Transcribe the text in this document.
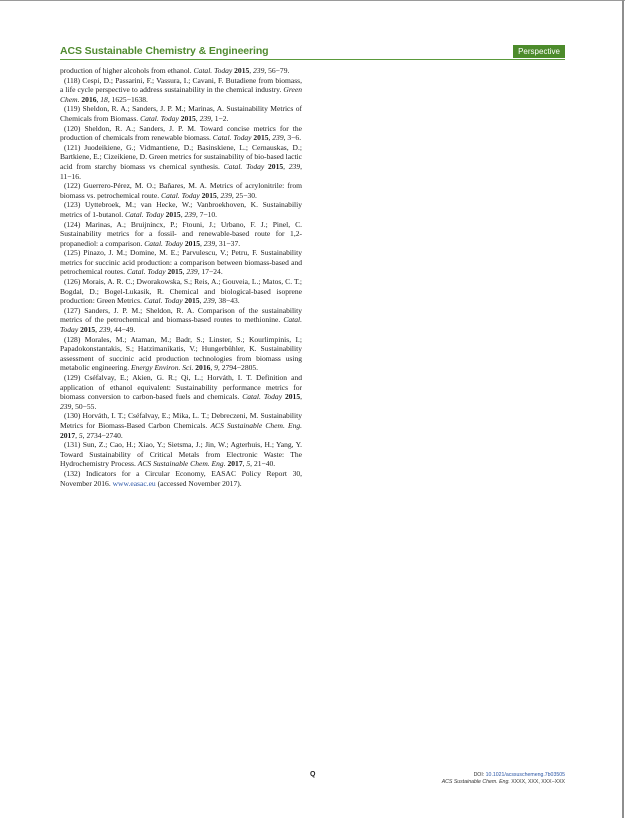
ACS Sustainable Chemistry & Engineering	Perspective

production of higher alcohols from ethanol. Catal. Today 2015, 239, 56−79.

(118) Cespi, D.; Passarini, F.; Vassura, I.; Cavani, F. Butadiene from biomass, a life cycle perspective to address sustainability in the chemical industry. Green Chem. 2016, 18, 1625−1638.

(119) Sheldon, R. A.; Sanders, J. P. M.; Marinas, A. Sustainability Metrics of Chemicals from Biomass. Catal. Today 2015, 239, 1−2.

(120) Sheldon, R. A.; Sanders, J. P. M. Toward concise metrics for the production of chemicals from renewable biomass. Catal. Today 2015, 239, 3−6.

(121) Juodeikiene, G.; Vidmantiene, D.; Basinskiene, L.; Cernauskas, D.; Bartkiene, E.; Cizeikiene, D. Green metrics for sustainability of bio-based lactic acid from starchy biomass vs chemical synthesis. Catal. Today 2015, 239, 11−16.

(122) Guerrero-Pérez, M. O.; Bañares, M. A. Metrics of acrylonitrile: from biomass vs. petrochemical route. Catal. Today 2015, 239, 25−30.

(123) Uyttebroek, M.; van Hecke, W.; Vanbroekhoven, K. Sustainabiliy metrics of 1-butanol. Catal. Today 2015, 239, 7−10.

(124) Marinas, A.; Bruijnincx, P.; Ftouni, J.; Urbano, F. J.; Pinel, C. Sustainability metrics for a fossil- and renewable-based route for 1,2-propanediol: a comparison. Catal. Today 2015, 239, 31−37.

(125) Pinazo, J. M.; Domine, M. E.; Parvulescu, V.; Petru, F. Sustainability metrics for succinic acid production: a comparison between biomass-based and petrochemical routes. Catal. Today 2015, 239, 17−24.

(126) Morais, A. R. C.; Dworakowska, S.; Reis, A.; Gouveia, L.; Matos, C. T.; Bogdal, D.; Bogel-Lukasik, R. Chemical and biological-based isoprene production: Green Metrics. Catal. Today 2015, 239, 38−43.

(127) Sanders, J. P. M.; Sheldon, R. A. Comparison of the sustainability metrics of the petrochemical and biomass-based routes to methionine. Catal. Today 2015, 239, 44−49.

(128) Morales, M.; Ataman, M.; Badr, S.; Linster, S.; Kourlimpinis, I.; Papadokonstantakis, S.; Hatzimanikatis, V.; Hungerbühler, K. Sustainability assessment of succinic acid production technologies from biomass using metabolic engineering. Energy Environ. Sci. 2016, 9, 2794−2805.

(129) Cséfalvay, E.; Akien, G. R.; Qi, L.; Horváth, I. T. Definition and application of ethanol equivalent: Sustainability performance metrics for biomass conversion to carbon-based fuels and chemicals. Catal. Today 2015, 239, 50−55.

(130) Horváth, I. T.; Cséfalvay, E.; Mika, L. T.; Debreczeni, M. Sustainability Metrics for Biomass-Based Carbon Chemicals. ACS Sustainable Chem. Eng. 2017, 5, 2734−2740.

(131) Sun, Z.; Cao, H.; Xiao, Y.; Sietsma, J.; Jin, W.; Agterhuis, H.; Yang, Y. Toward Sustainability of Critical Metals from Electronic Waste: The Hydrochemistry Process. ACS Sustainable Chem. Eng. 2017, 5, 21−40.

(132) Indicators for a Circular Economy, EASAC Policy Report 30, November 2016. www.easac.eu (accessed November 2017).

Q	DOI: 10.1021/acssuschemeng.7b03505
ACS Sustainable Chem. Eng. XXXX, XXX, XXX−XXX
